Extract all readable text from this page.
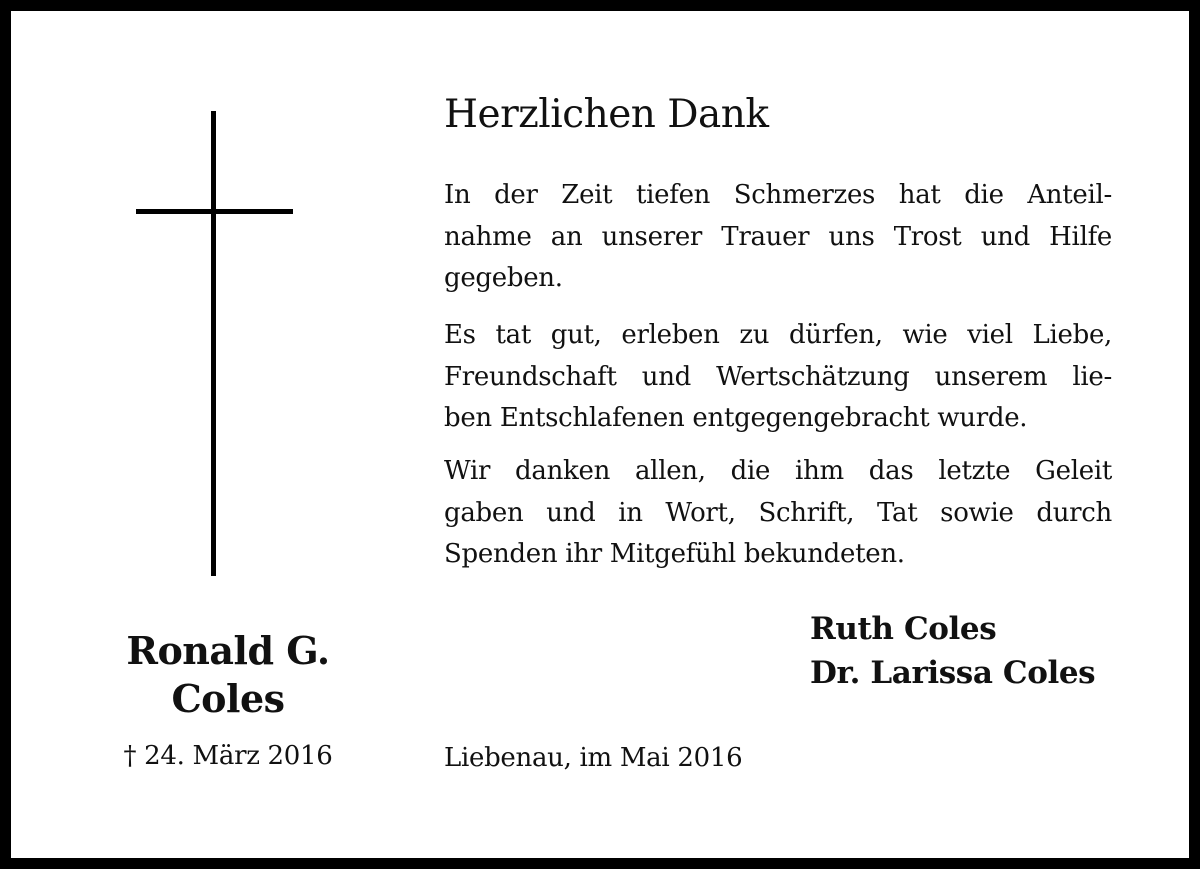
Ronald G.
Coles
† 24. März 2016
Herzlichen Dank
In der Zeit tiefen Schmerzes hat die Anteil-
nahme an unserer Trauer uns Trost und Hilfe
gegeben.
Es tat gut, erleben zu dürfen, wie viel Liebe,
Freundschaft und Wertschätzung unserem lie-
ben Entschlafenen entgegengebracht wurde.
Wir danken allen, die ihm das letzte Geleit
gaben und in Wort, Schrift, Tat sowie durch
Spenden ihr Mitgefühl bekundeten.
Ruth Coles
Dr. Larissa Coles
Liebenau, im Mai 2016
